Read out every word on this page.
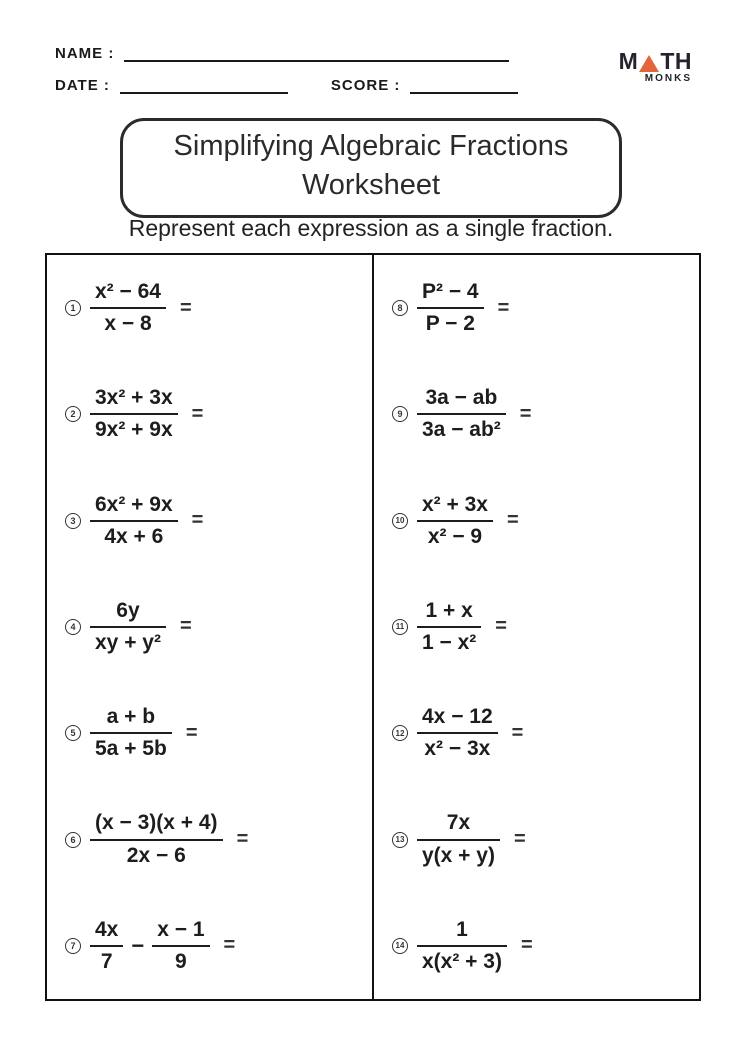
NAME :
DATE :	SCORE :
M TH
MONKS
Simplifying Algebraic Fractions
Worksheet
Represent each expression as a single fraction.
$1 \frac{\text{x² − 64}}{x - 8}$ =
$2 \frac{\text{3x² + 3x}}{\text{9x² + 9x}}$ =
$3 \frac{\text{6x² + 9x}}{4x + 6}$ =
$4 \frac{6y}{\text{xy + y²}}$ =
$5 \frac{a + b}{5a + 5b}$ =
$6 \frac{(x - 3)(x + 4)}{2x - 6}$ =
$7 \frac{4x}{7} - \frac{x - 1}{9}$ =
$8 \frac{\text{P² − 4}}{P - 2}$ =
$9 \frac{3a - ab}{\text{3a − ab²}}$ =
$10 \frac{\text{x² + 3x}}{\text{x² − 9}}$ =
$11 \frac{1 + x}{\text{1 − x²}}$ =
$12 \frac{4x - 12}{\text{x² − 3x}}$ =
$13 \frac{7x}{y(x + y)}$ =
$14 \frac{1}{\text{x(x² + 3)}}$ =
